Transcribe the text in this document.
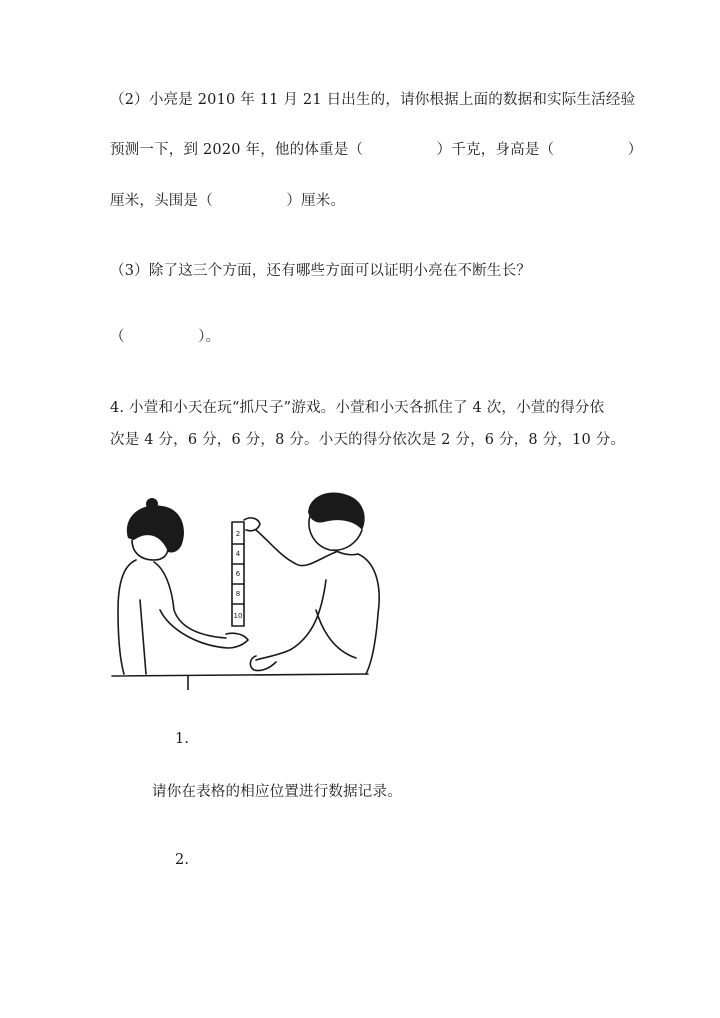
（2）小亮是 2010 年 11 月 21 日出生的，请你根据上面的数据和实际生活经验
预测一下，到 2020 年，他的体重是（　　　　　）千克，身高是（　　　　　）
厘米，头围是（　　　　　）厘米。
（3）除了这三个方面，还有哪些方面可以证明小亮在不断生长？
（　　　　　）。
4. 小萱和小天在玩“抓尺子”游戏。小萱和小天各抓住了 4 次，小萱的得分依
次是 4 分，6 分，6 分，8 分。小天的得分依次是 2 分，6 分，8 分，10 分。
2
4
6
8
10
1.
请你在表格的相应位置进行数据记录。
2.
